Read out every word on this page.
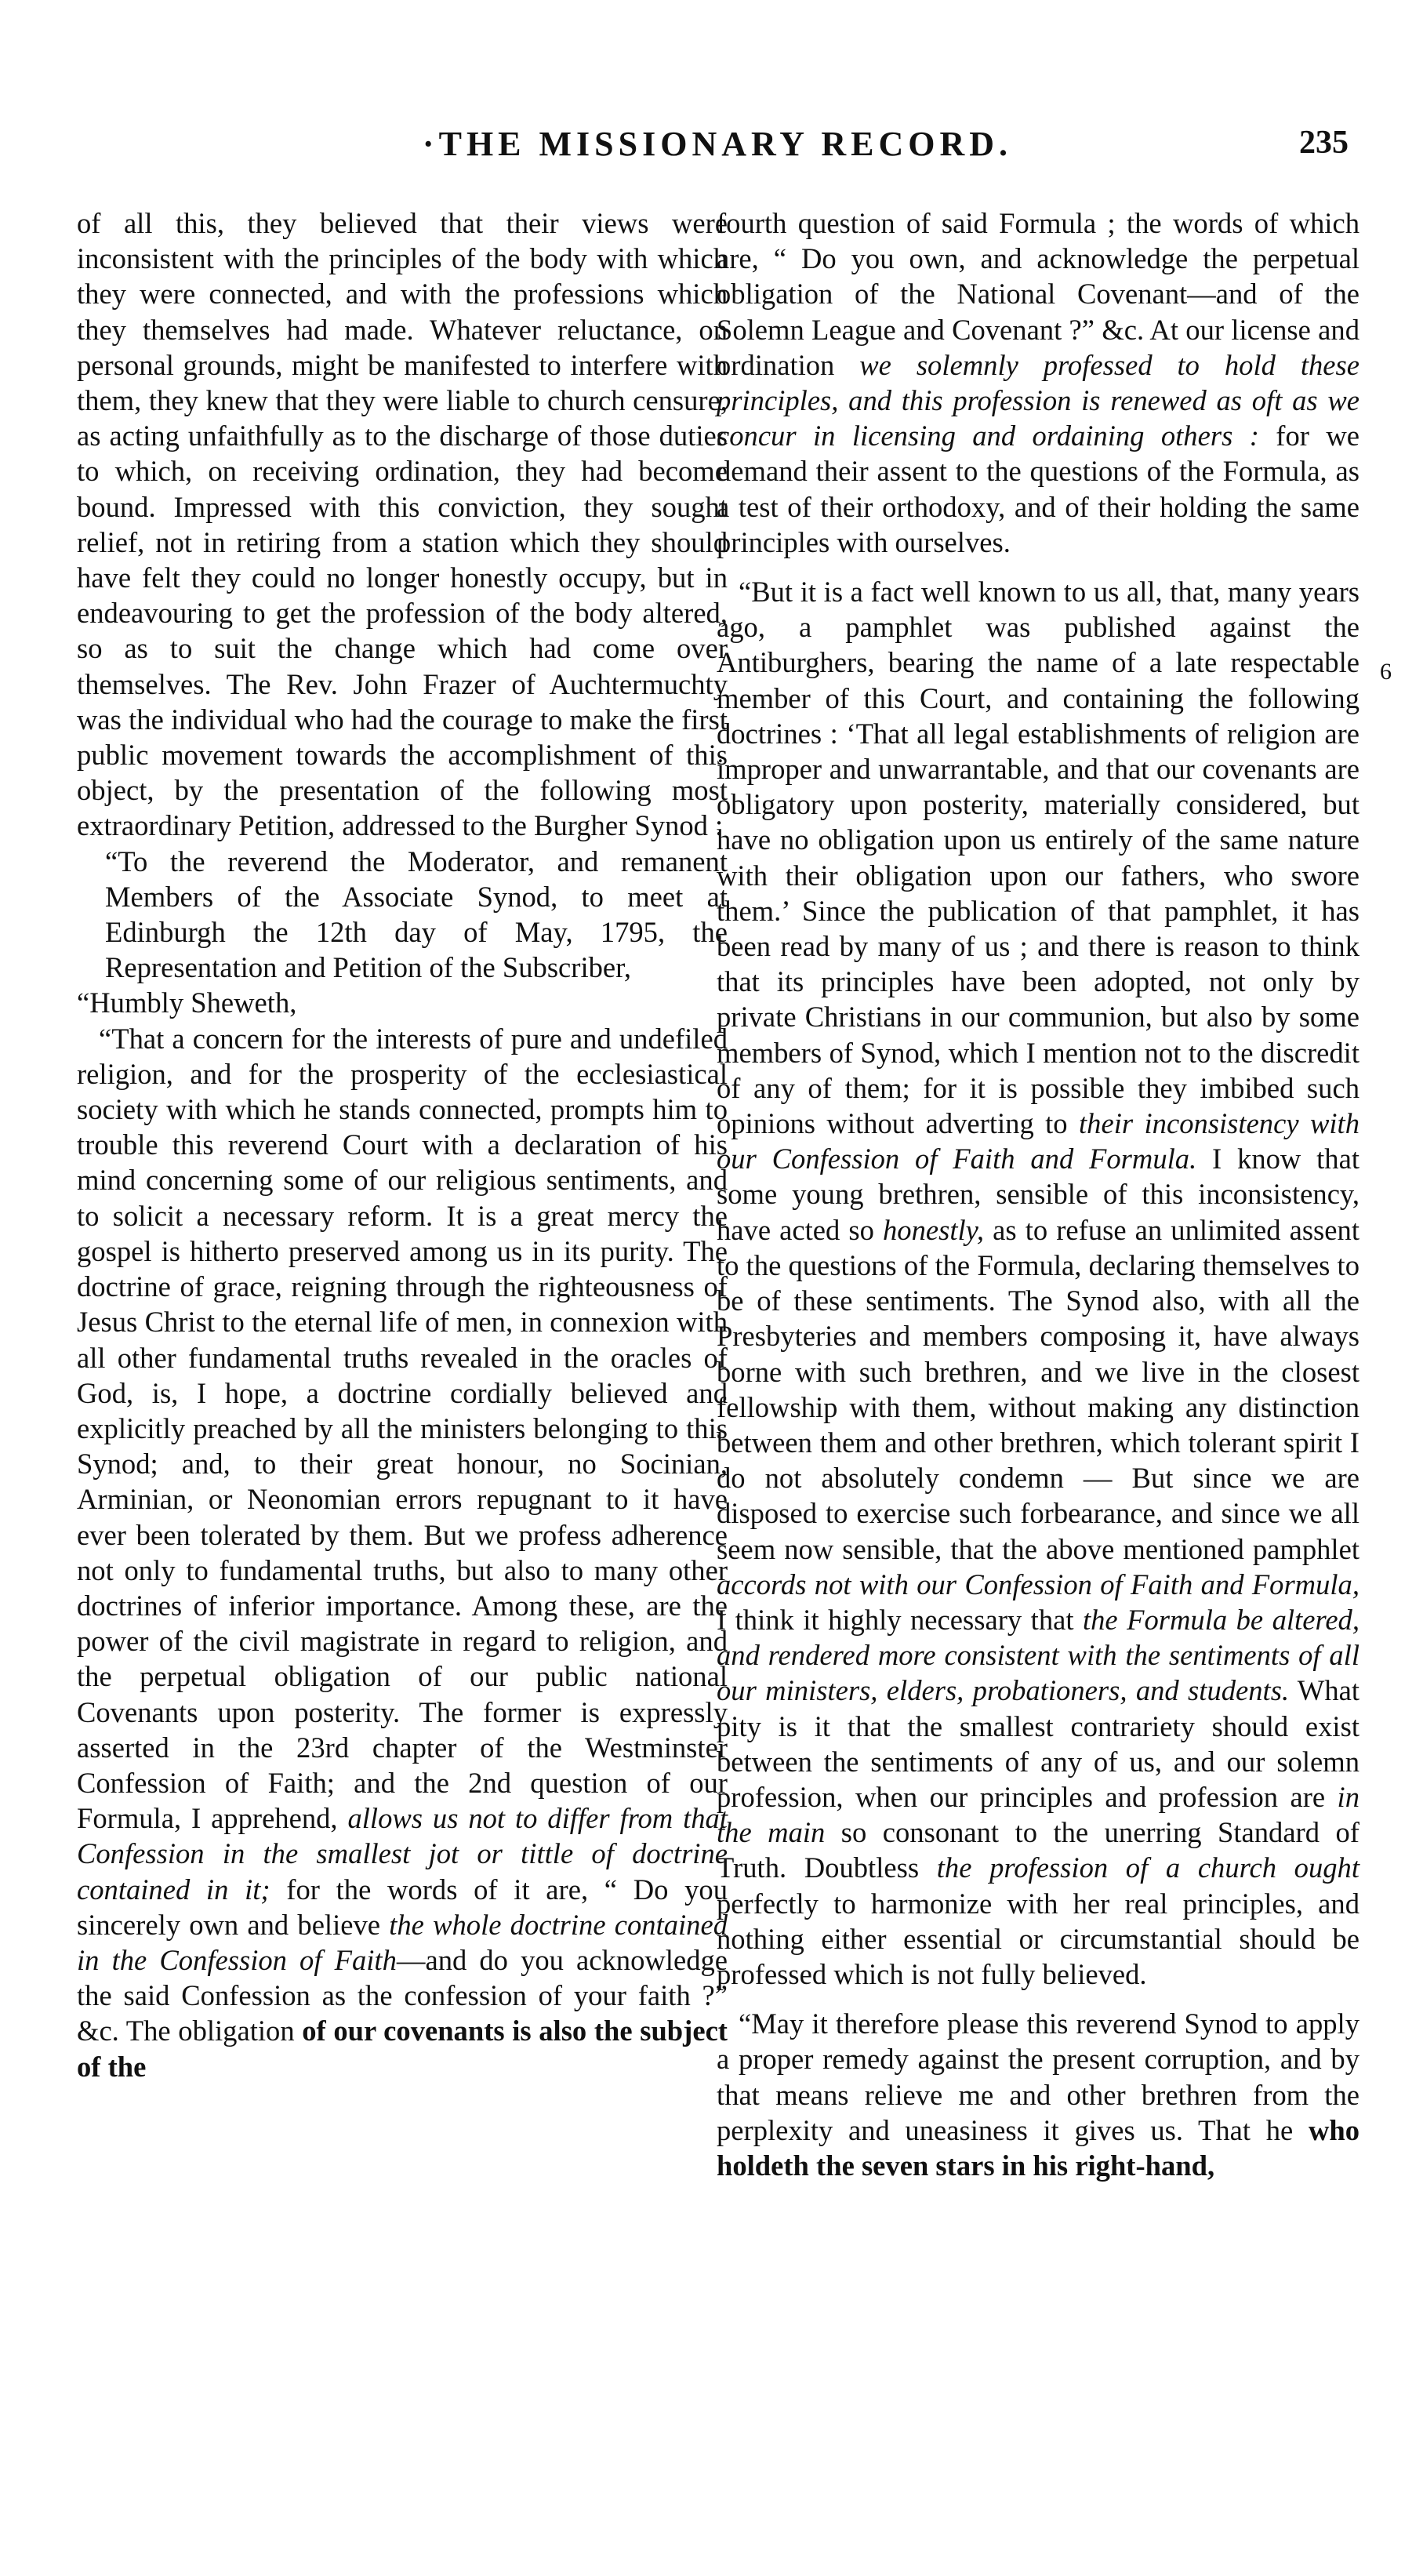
·THE MISSIONARY RECORD.	235

of all this, they believed that their views were inconsistent with the principles of the body with which they were connected, and with the professions which they themselves had made. Whatever reluctance, on personal grounds, might be manifested to interfere with them, they knew that they were liable to church censure, as acting unfaithfully as to the discharge of those duties to which, on receiving ordination, they had become bound. Impressed with this conviction, they sought relief, not in retiring from a station which they should have felt they could no longer honestly occupy, but in endeavouring to get the profession of the body altered, so as to suit the change which had come over themselves. The Rev. John Frazer of Auchtermuchty was the individual who had the courage to make the first public movement towards the accomplishment of this object, by the presentation of the following most extraordinary Petition, addressed to the Burgher Synod :

“To the reverend the Moderator, and remanent Members of the Associate Synod, to meet at Edinburgh the 12th day of May, 1795, the Representation and Petition of the Subscriber,

“Humbly Sheweth,

“That a concern for the interests of pure and undefiled religion, and for the prosperity of the ecclesiastical society with which he stands connected, prompts him to trouble this reverend Court with a declaration of his mind concerning some of our religious sentiments, and to solicit a necessary reform. It is a great mercy the gospel is hitherto preserved among us in its purity. The doctrine of grace, reigning through the righteousness of Jesus Christ to the eternal life of men, in connexion with all other fundamental truths revealed in the oracles of God, is, I hope, a doctrine cordially believed and explicitly preached by all the ministers belonging to this Synod; and, to their great honour, no Socinian, Arminian, or Neonomian errors repugnant to it have ever been tolerated by them. But we profess adherence not only to fundamental truths, but also to many other doctrines of inferior importance. Among these, are the power of the civil magistrate in regard to religion, and the perpetual obligation of our public national Covenants upon posterity. The former is expressly asserted in the 23rd chapter of the Westminster Confession of Faith; and the 2nd question of our Formula, I apprehend, allows us not to differ from that Confession in the smallest jot or tittle of doctrine contained in it; for the words of it are, “ Do you sincerely own and believe the whole doctrine contained in the Confession of Faith—and do you acknowledge the said Confession as the confession of your faith ?” &c. The obligation of our covenants is also the subject of the

fourth question of said Formula ; the words of which are, “ Do you own, and acknowledge the perpetual obligation of the National Covenant—and of the Solemn League and Covenant ?” &c. At our license and ordination we solemnly professed to hold these principles, and this profession is renewed as oft as we concur in licensing and ordaining others : for we demand their assent to the questions of the Formula, as a test of their orthodoxy, and of their holding the same principles with ourselves.

“But it is a fact well known to us all, that, many years ago, a pamphlet was published against the Antiburghers, bearing the name of a late respectable member of this Court, and containing the following doctrines : ‘That all legal establishments of religion are improper and unwarrantable, and that our covenants are obligatory upon posterity, materially considered, but have no obligation upon us entirely of the same nature with their obligation upon our fathers, who swore them.’ Since the publication of that pamphlet, it has been read by many of us ; and there is reason to think that its principles have been adopted, not only by private Christians in our communion, but also by some members of Synod, which I mention not to the discredit of any of them; for it is possible they imbibed such opinions without adverting to their inconsistency with our Confession of Faith and Formula. I know that some young brethren, sensible of this inconsistency, have acted so honestly, as to refuse an unlimited assent to the questions of the Formula, declaring themselves to be of these sentiments. The Synod also, with all the Presbyteries and members composing it, have always borne with such brethren, and we live in the closest fellowship with them, without making any distinction between them and other brethren, which tolerant spirit I do not absolutely condemn — But since we are disposed to exercise such forbearance, and since we all seem now sensible, that the above mentioned pamphlet accords not with our Confession of Faith and Formula, I think it highly necessary that the Formula be altered, and rendered more consistent with the sentiments of all our ministers, elders, probationers, and students. What pity is it that the smallest contrariety should exist between the sentiments of any of us, and our solemn profession, when our principles and profession are in the main so consonant to the unerring Standard of Truth. Doubtless the profession of a church ought perfectly to harmonize with her real principles, and nothing either essential or circumstantial should be professed which is not fully believed.

“May it therefore please this reverend Synod to apply a proper remedy against the present corruption, and by that means relieve me and other brethren from the perplexity and uneasiness it gives us. That he who holdeth the seven stars in his right-hand,

6
